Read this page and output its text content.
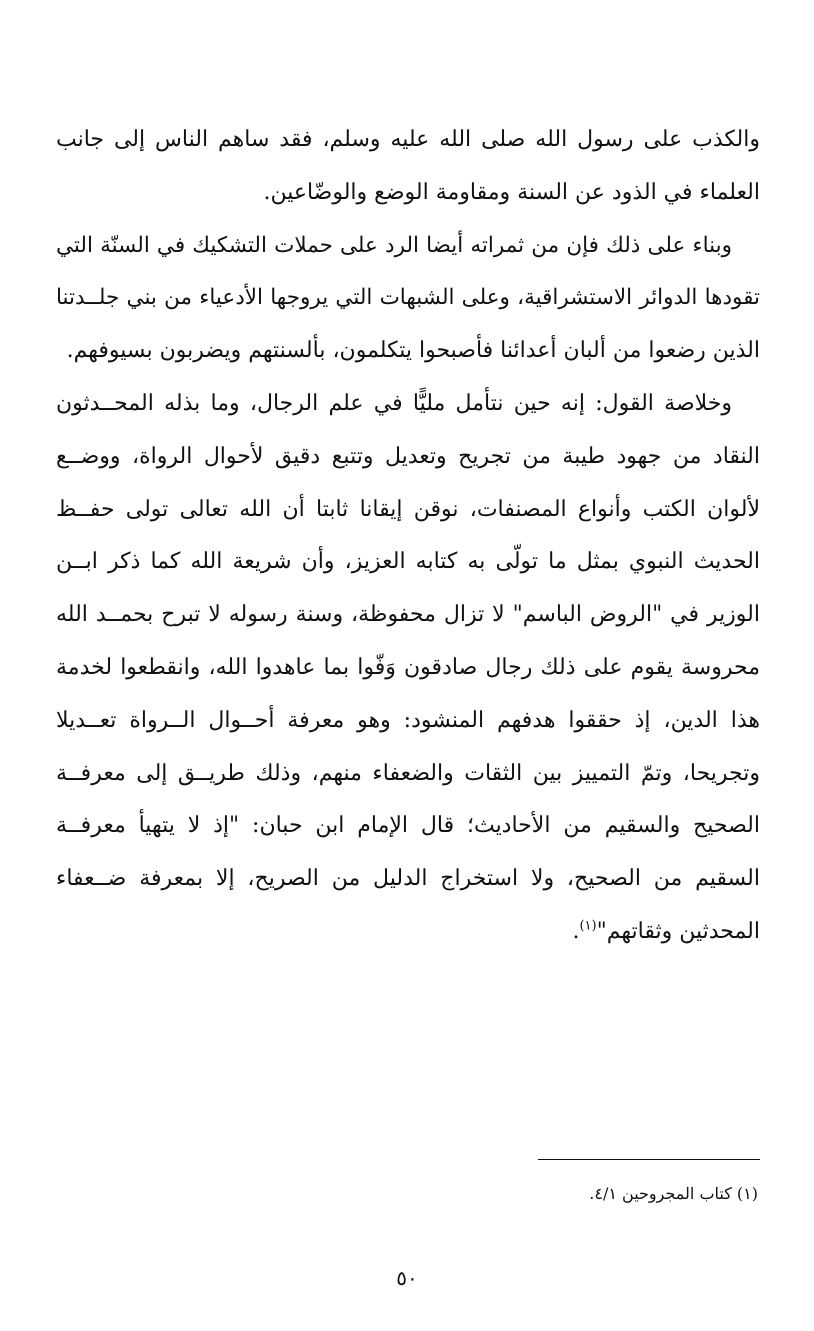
والكذب على رسول الله صلى الله عليه وسلم، فقد ساهم الناس إلى جانب
العلماء في الذود عن السنة ومقاومة الوضع والوضّاعين.
وبناء على ذلك فإن من ثمراته أيضا الرد على حملات التشكيك في السنّة التي
تقودها الدوائر الاستشراقية، وعلى الشبهات التي يروجها الأدعياء من بني جلــدتنا
الذين رضعوا من ألبان أعدائنا فأصبحوا يتكلمون، بألسنتهم ويضربون بسيوفهم.
وخلاصة القول: إنه حين نتأمل مليًّا في علم الرجال، وما بذله المحــدثون
النقاد من جهود طيبة من تجريح وتعديل وتتبع دقيق لأحوال الرواة، ووضــع
لألوان الكتب وأنواع المصنفات، نوقن إيقانا ثابتا أن الله تعالى تولى حفــظ
الحديث النبوي بمثل ما تولّى به كتابه العزيز، وأن شريعة الله كما ذكر ابــن
الوزير في "الروض الباسم" لا تزال محفوظة، وسنة رسوله لا تبرح بحمــد الله
محروسة يقوم على ذلك رجال صادقون وَفّوا بما عاهدوا الله، وانقطعوا لخدمة
هذا الدين، إذ حققوا هدفهم المنشود: وهو معرفة أحــوال الــرواة تعــديلا
وتجريحا، وتمّ التمييز بين الثقات والضعفاء منهم، وذلك طريــق إلى معرفــة
الصحيح والسقيم من الأحاديث؛ قال الإمام ابن حبان: "إذ لا يتهيأ معرفــة
السقيم من الصحيح، ولا استخراج الدليل من الصريح، إلا بمعرفة ضــعفاء
المحدثين وثقاتهم"$^{(١)}$.
(١) كتاب المجروحين ٤/١.
٥٠
